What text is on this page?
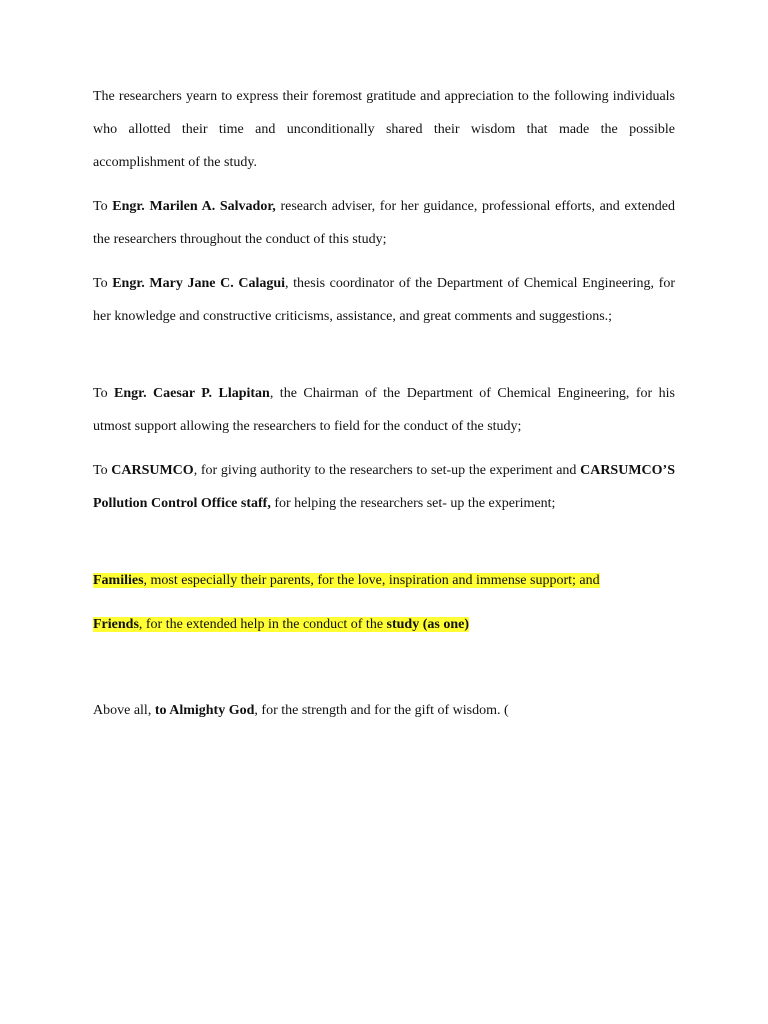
The researchers yearn to express their foremost gratitude and appreciation to the following individuals who allotted their time and unconditionally shared their wisdom that made the possible accomplishment of the study.

To Engr. Marilen A. Salvador, research adviser, for her guidance, professional efforts, and extended the researchers throughout the conduct of this study;

To Engr. Mary Jane C. Calagui, thesis coordinator of the Department of Chemical Engineering, for her knowledge and constructive criticisms, assistance, and great comments and suggestions.;

To Engr. Caesar P. Llapitan, the Chairman of the Department of Chemical Engineering, for his utmost support allowing the researchers to field for the conduct of the study;

To CARSUMCO, for giving authority to the researchers to set-up the experiment and CARSUMCO’S Pollution Control Office staff, for helping the researchers set- up the experiment;

Families, most especially their parents, for the love, inspiration and immense support; and

Friends, for the extended help in the conduct of the study (as one)

Above all, to Almighty God, for the strength and for the gift of wisdom. (
